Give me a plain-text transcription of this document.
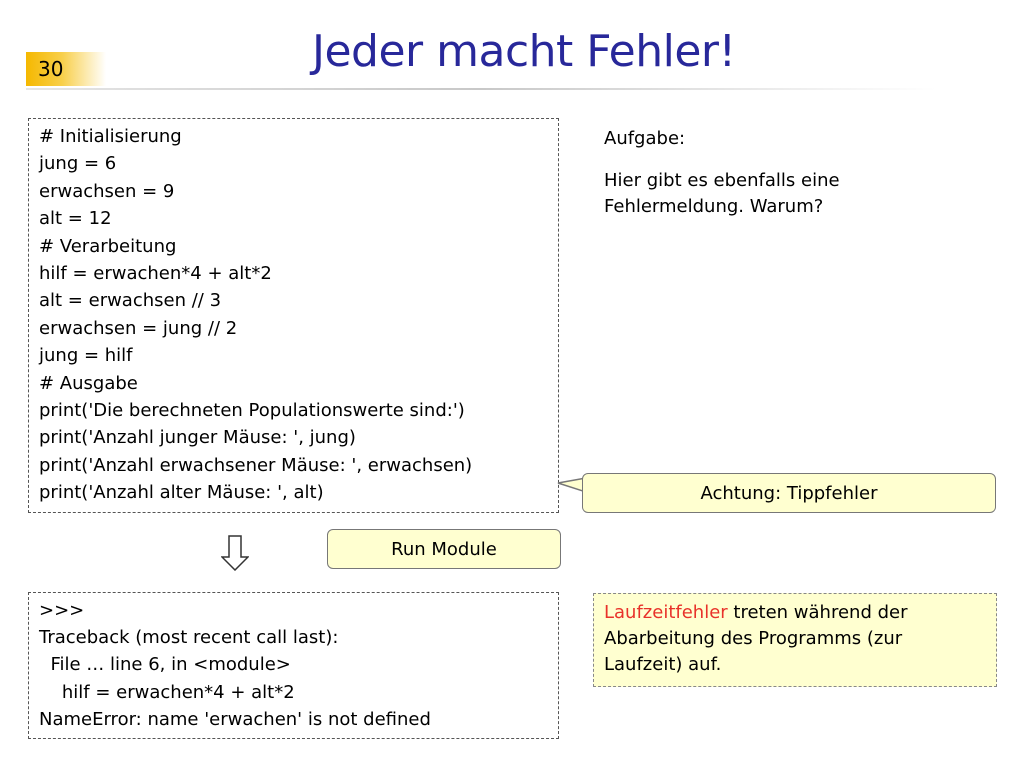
30	Jeder macht Fehler!
# Initialisierung
jung = 6
erwachsen = 9
alt = 12
# Verarbeitung
hilf = erwachen*4 + alt*2
alt = erwachsen // 3
erwachsen = jung // 2
jung = hilf
# Ausgabe
print('Die berechneten Populationswerte sind:')
print('Anzahl junger Mäuse: ', jung)
print('Anzahl erwachsener Mäuse: ', erwachsen)
print('Anzahl alter Mäuse: ', alt)
Aufgabe:
Hier gibt es ebenfalls eine Fehlermeldung. Warum?
Achtung: Tippfehler
Run Module
>>>
Traceback (most recent call last):
File … line 6, in <module>
hilf = erwachen*4 + alt*2
NameError: name 'erwachen' is not defined
Laufzeitfehler treten während der Abarbeitung des Programms (zur Laufzeit) auf.
